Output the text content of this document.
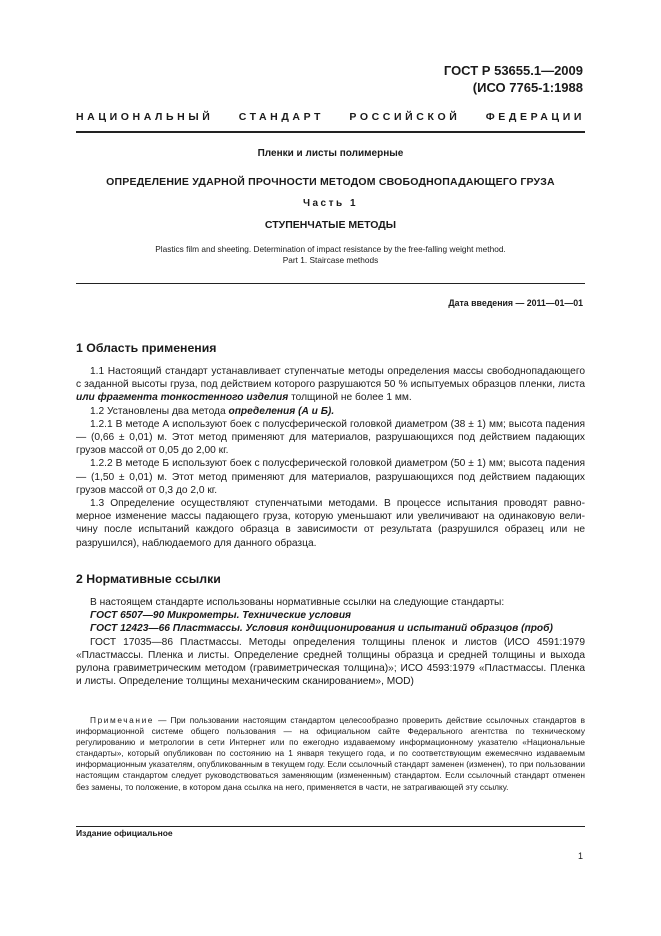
ГОСТ Р 53655.1—2009
(ИСО 7765-1:1988
НАЦИОНАЛЬНЫЙ СТАНДАРТ РОССИЙСКОЙ ФЕДЕРАЦИИ
Пленки и листы полимерные
ОПРЕДЕЛЕНИЕ УДАРНОЙ ПРОЧНОСТИ МЕТОДОМ СВОБОДНОПАДАЮЩЕГО ГРУЗА
Часть 1
СТУПЕНЧАТЫЕ МЕТОДЫ
Plastics film and sheeting. Determination of impact resistance by the free-falling weight method.
Part 1. Staircase methods
Дата введения — 2011—01—01
1 Область применения

1.1 Настоящий стандарт устанавливает ступенчатые методы определения массы свободнопадающего с заданной высоты груза, под действием которого разрушаются 50 % испытуемых образцов пленки, листа или фрагмента тонкостенного изделия толщиной не более 1 мм.

1.2 Установлены два метода определения (А и Б).

1.2.1 В методе А используют боек с полусферической головкой диаметром (38 ± 1) мм; высота падения — (0,66 ± 0,01) м. Этот метод применяют для материалов, разрушающихся под действием падающих грузов массой от 0,05 до 2,00 кг.

1.2.2 В методе Б используют боек с полусферической головкой диаметром (50 ± 1) мм; высота падения — (1,50 ± 0,01) м. Этот метод применяют для материалов, разрушающихся под действием падающих грузов массой от 0,3 до 2,0 кг.

1.3 Определение осуществляют ступенчатыми методами. В процессе испытания проводят равномерное изменение массы падающего груза, которую уменьшают или увеличивают на одинаковую величину после испытаний каждого образца в зависимости от результата (разрушился образец или не разрушился), наблюдаемого для данного образца.

2 Нормативные ссылки

В настоящем стандарте использованы нормативные ссылки на следующие стандарты:

ГОСТ 6507—90 Микрометры. Технические условия

ГОСТ 12423—66 Пластмассы. Условия кондиционирования и испытаний образцов (проб)

ГОСТ 17035—86 Пластмассы. Методы определения толщины пленок и листов (ИСО 4591:1979 «Пластмассы. Пленка и листы. Определение средней толщины образца и средней толщины и выхода рулона гравиметрическим методом (гравиметрическая толщина)»; ИСО 4593:1979 «Пластмассы. Пленка и листы. Определение толщины механическим сканированием», MOD)

Примечание — При пользовании настоящим стандартом целесообразно проверить действие ссылочных стандартов в информационной системе общего пользования — на официальном сайте Федерального агентства по техническому регулированию и метрологии в сети Интернет или по ежегодно издаваемому информационному указателю «Национальные стандарты», который опубликован по состоянию на 1 января текущего года, и по соответствующим ежемесячно издаваемым информационным указателям, опубликованным в текущем году. Если ссылочный стандарт заменен (изменен), то при пользовании настоящим стандартом следует руководствоваться заменяющим (измененным) стандартом. Если ссылочный стандарт отменен без замены, то положение, в котором дана ссылка на него, применяется в части, не затрагивающей эту ссылку.

Издание официальное
1
